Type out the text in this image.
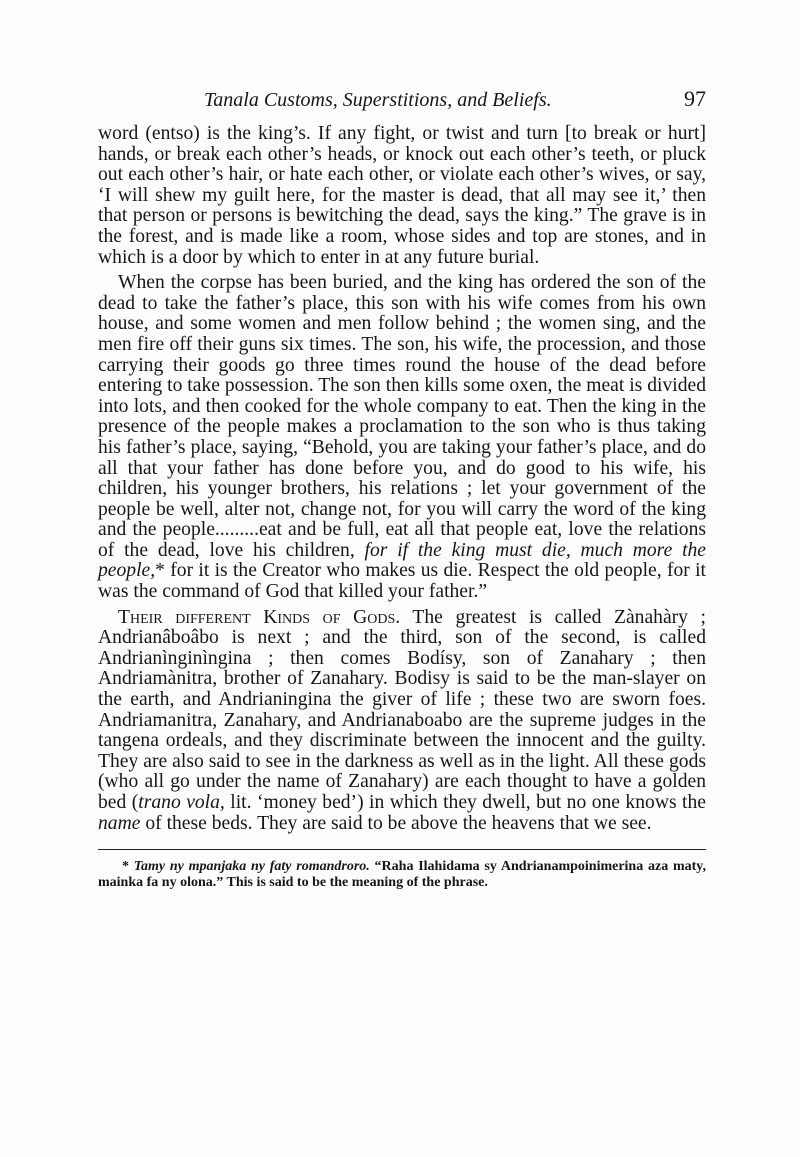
Tanala Customs, Superstitions, and Beliefs.	97

word (entso) is the king’s. If any fight, or twist and turn [to break or hurt] hands, or break each other’s heads, or knock out each other’s teeth, or pluck out each other’s hair, or hate each other, or violate each other’s wives, or say, ‘I will shew my guilt here, for the master is dead, that all may see it,’ then that person or persons is bewitching the dead, says the king.” The grave is in the forest, and is made like a room, whose sides and top are stones, and in which is a door by which to enter in at any future burial.

When the corpse has been buried, and the king has ordered the son of the dead to take the father’s place, this son with his wife comes from his own house, and some women and men follow behind ; the women sing, and the men fire off their guns six times. The son, his wife, the procession, and those carrying their goods go three times round the house of the dead before entering to take possession. The son then kills some oxen, the meat is divided into lots, and then cooked for the whole company to eat. Then the king in the presence of the people makes a proclamation to the son who is thus taking his father’s place, saying, “Behold, you are taking your father’s place, and do all that your father has done before you, and do good to his wife, his children, his younger brothers, his relations ; let your government of the people be well, alter not, change not, for you will carry the word of the king and the people.........eat and be full, eat all that people eat, love the relations of the dead, love his children, for if the king must die, much more the people,* for it is the Creator who makes us die. Respect the old people, for it was the command of God that killed your father.”

Their different Kinds of Gods. The greatest is called Zànahàry ; Andrianâboâbo is next ; and the third, son of the second, is called Andrianìnginìngina ; then comes Bodísy, son of Zanahary ; then Andriamànitra, brother of Zanahary. Bodisy is said to be the man-slayer on the earth, and Andrianingina the giver of life ; these two are sworn foes. Andriamanitra, Zanahary, and Andrianaboabo are the supreme judges in the tangena ordeals, and they discriminate between the innocent and the guilty. They are also said to see in the darkness as well as in the light. All these gods (who all go under the name of Zanahary) are each thought to have a golden bed (trano vola, lit. ‘money bed’) in which they dwell, but no one knows the name of these beds. They are said to be above the heavens that we see.

* Tamy ny mpanjaka ny faty romandroro. “Raha Ilahidama sy Andrianampoinimerina aza maty, mainka fa ny olona.” This is said to be the meaning of the phrase.
